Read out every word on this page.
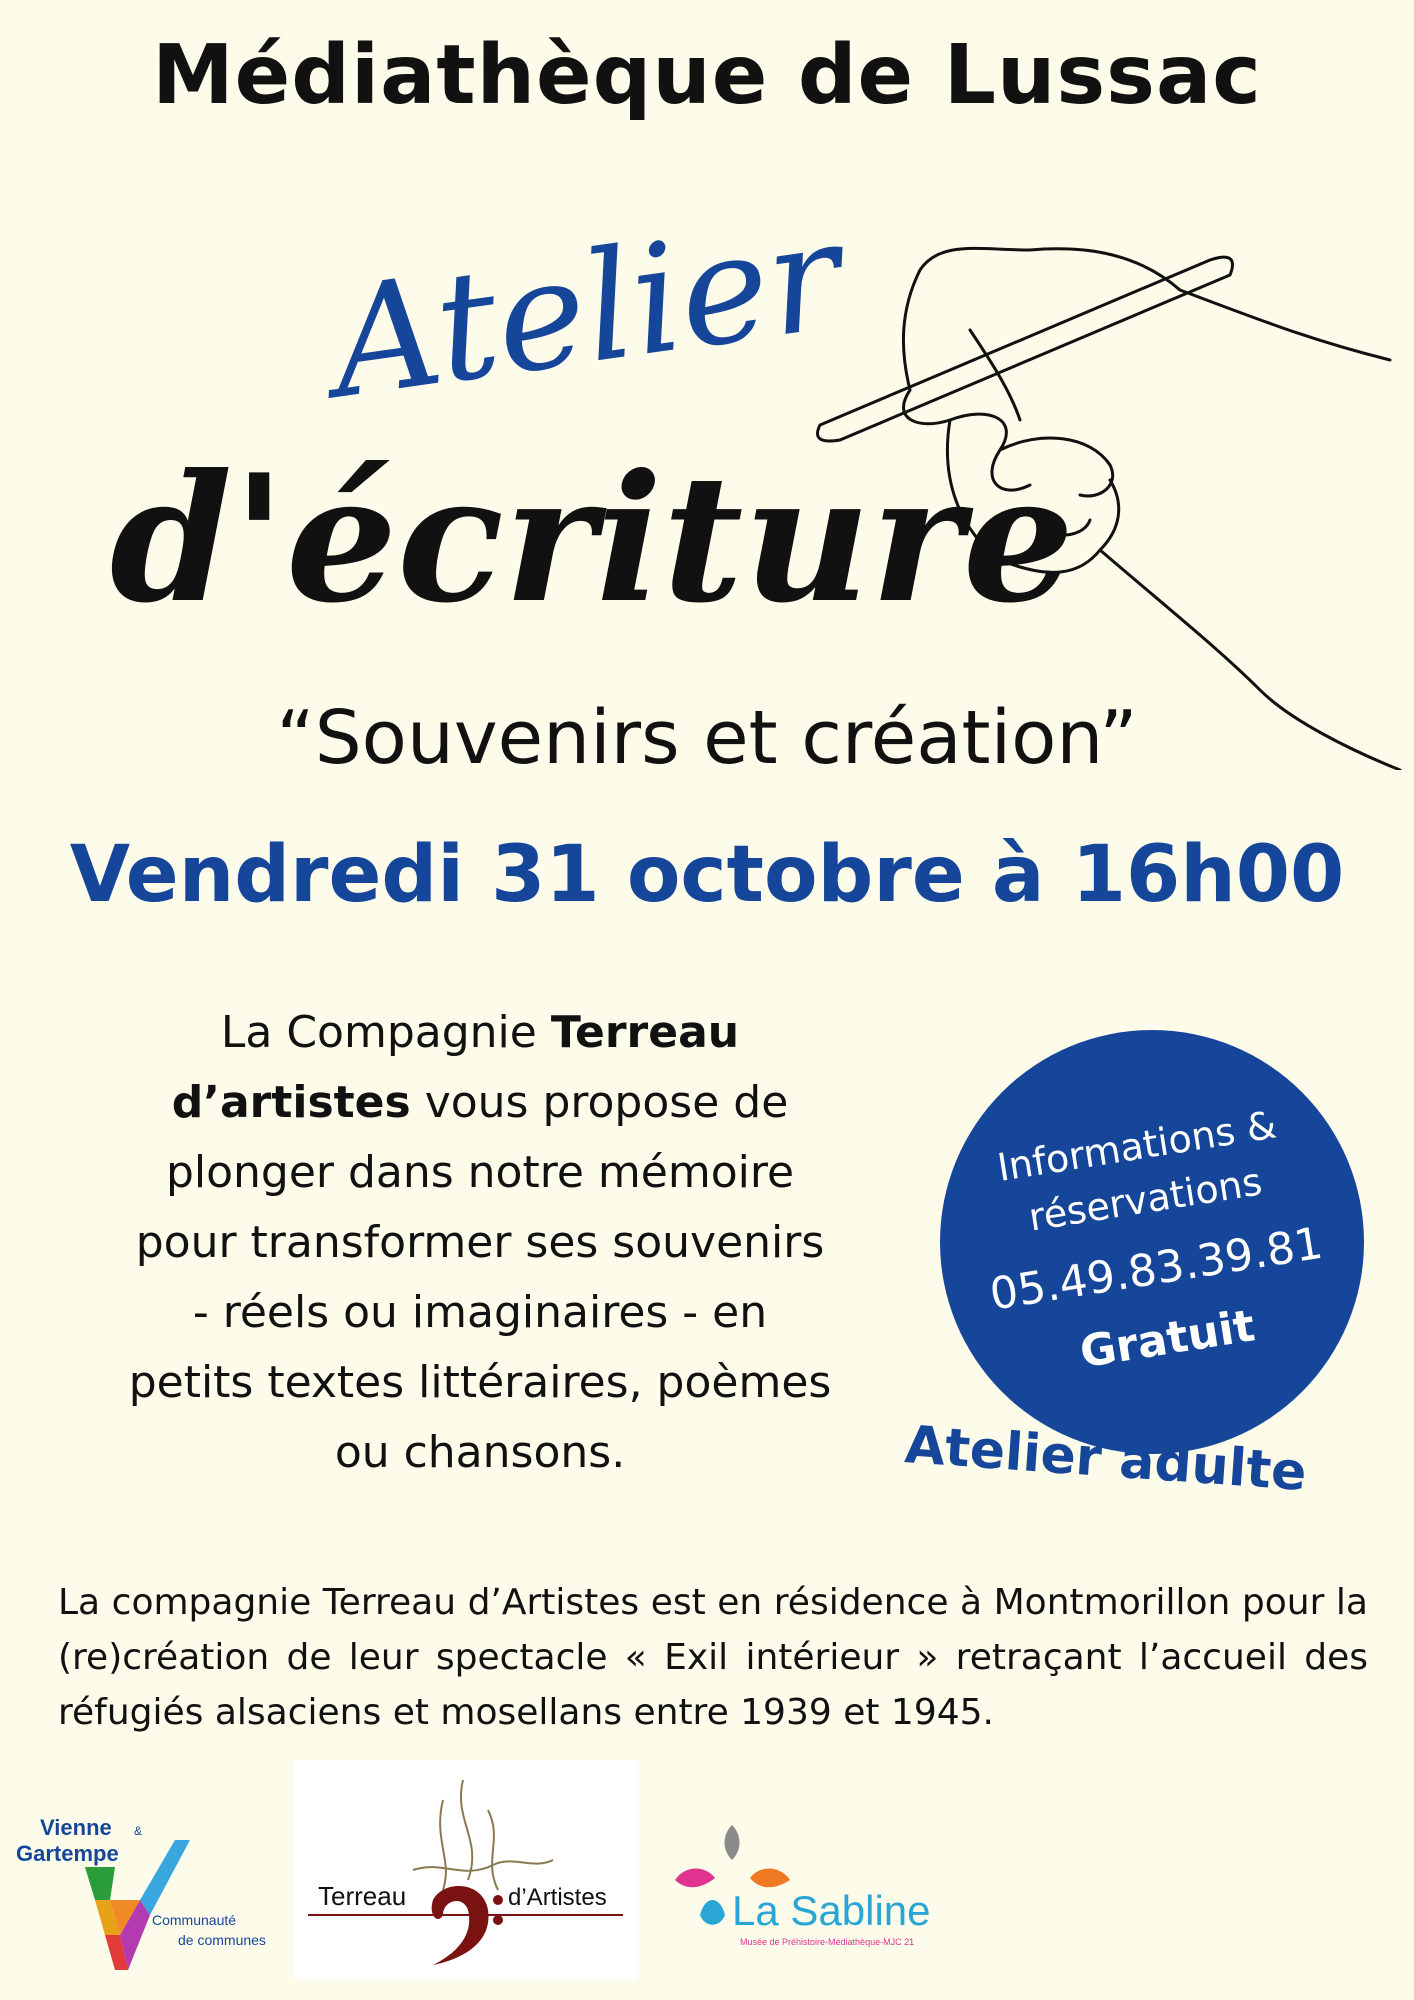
Médiathèque de Lussac
Atelier
d'écriture
“Souvenirs et création”
Vendredi 31 octobre à 16h00
La Compagnie Terreau
d’artistes vous propose de
plonger dans notre mémoire
pour transformer ses souvenirs
- réels ou imaginaires - en
petits textes littéraires, poèmes
ou chansons.
Informations & réservations
05.49.83.39.81
Gratuit
Atelier adulte
La compagnie Terreau d’Artistes est en résidence à Montmorillon pour la (re)création de leur spectacle « Exil intérieur » retraçant l’accueil des réfugiés alsaciens et mosellans entre 1939 et 1945.
Vienne &
Gartempe
Communauté
de communes
Terreau	d’Artistes	La Sabline
Musée de Préhistoire-Médiathèque-MJC 21
